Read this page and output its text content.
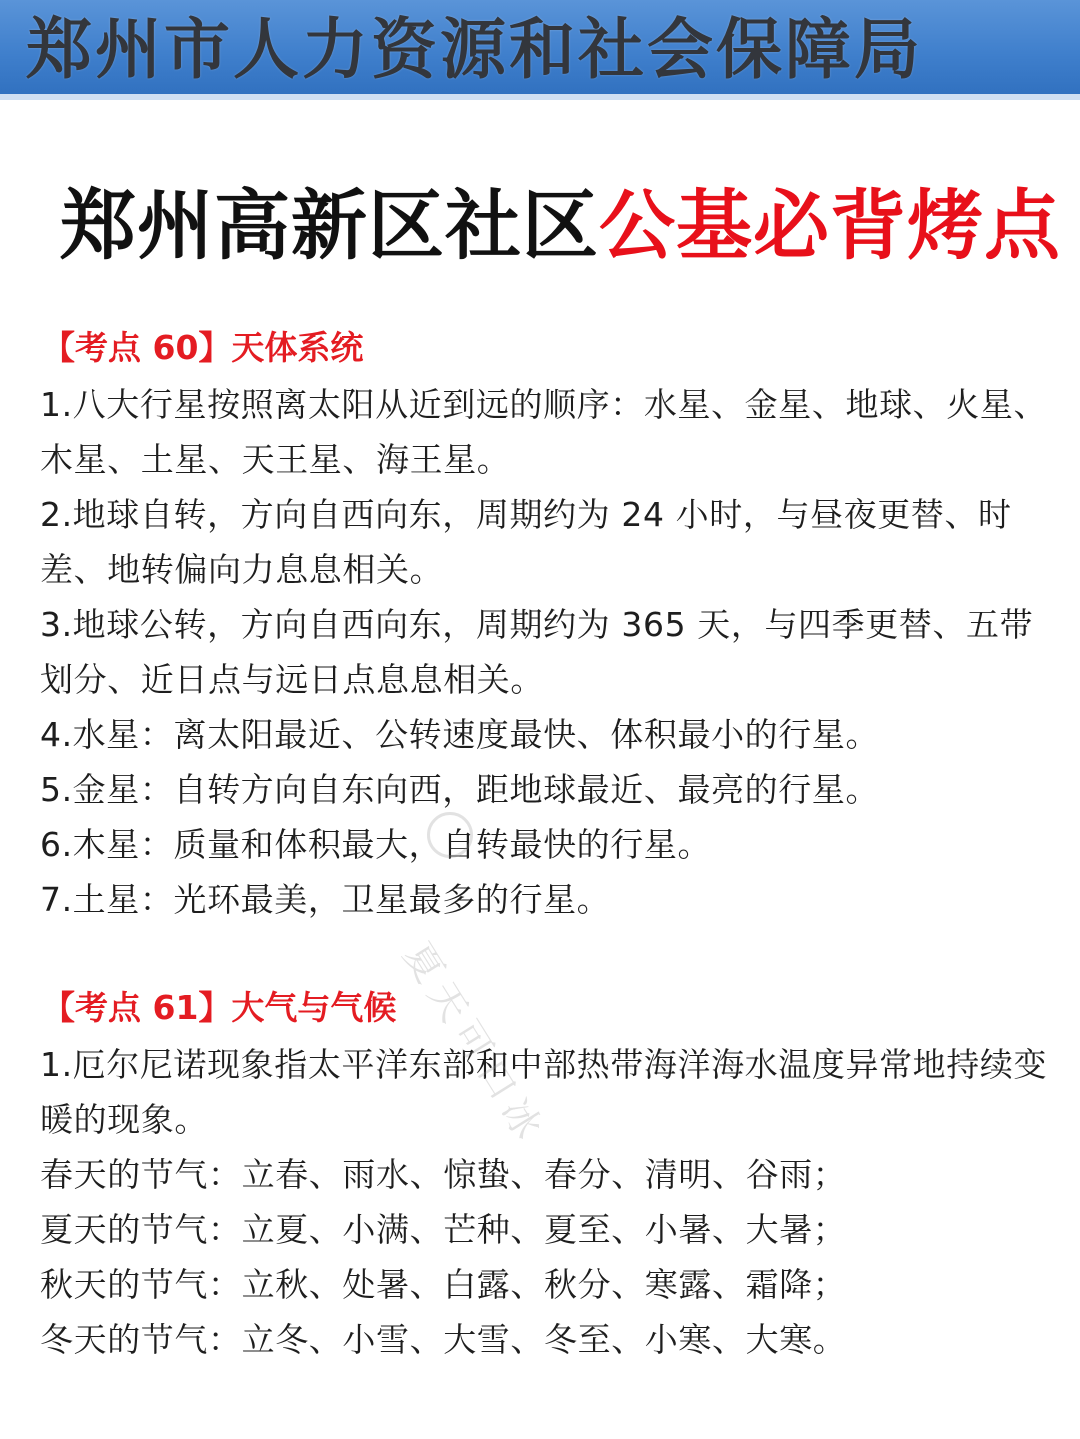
郑州市人力资源和社会保障局
郑州高新区社区公基必背烤点
【考点 60】天体系统

1.八大行星按照离太阳从近到远的顺序：水星、金星、地球、火星、木星、土星、天王星、海王星。

2.地球自转，方向自西向东，周期约为 24 小时，与昼夜更替、时差、地转偏向力息息相关。

3.地球公转，方向自西向东，周期约为 365 天，与四季更替、五带划分、近日点与远日点息息相关。

4.水星：离太阳最近、公转速度最快、体积最小的行星。

5.金星：自转方向自东向西，距地球最近、最亮的行星。

6.木星：质量和体积最大，自转最快的行星。

7.土星：光环最美，卫星最多的行星。

【考点 61】大气与气候

1.厄尔尼诺现象指太平洋东部和中部热带海洋海水温度异常地持续变暖的现象。

春天的节气：立春、雨水、惊蛰、春分、清明、谷雨；

夏天的节气：立夏、小满、芒种、夏至、小暑、大暑；

秋天的节气：立秋、处暑、白露、秋分、寒露、霜降；

冬天的节气：立冬、小雪、大雪、冬至、小寒、大寒。

夏天可口冰
